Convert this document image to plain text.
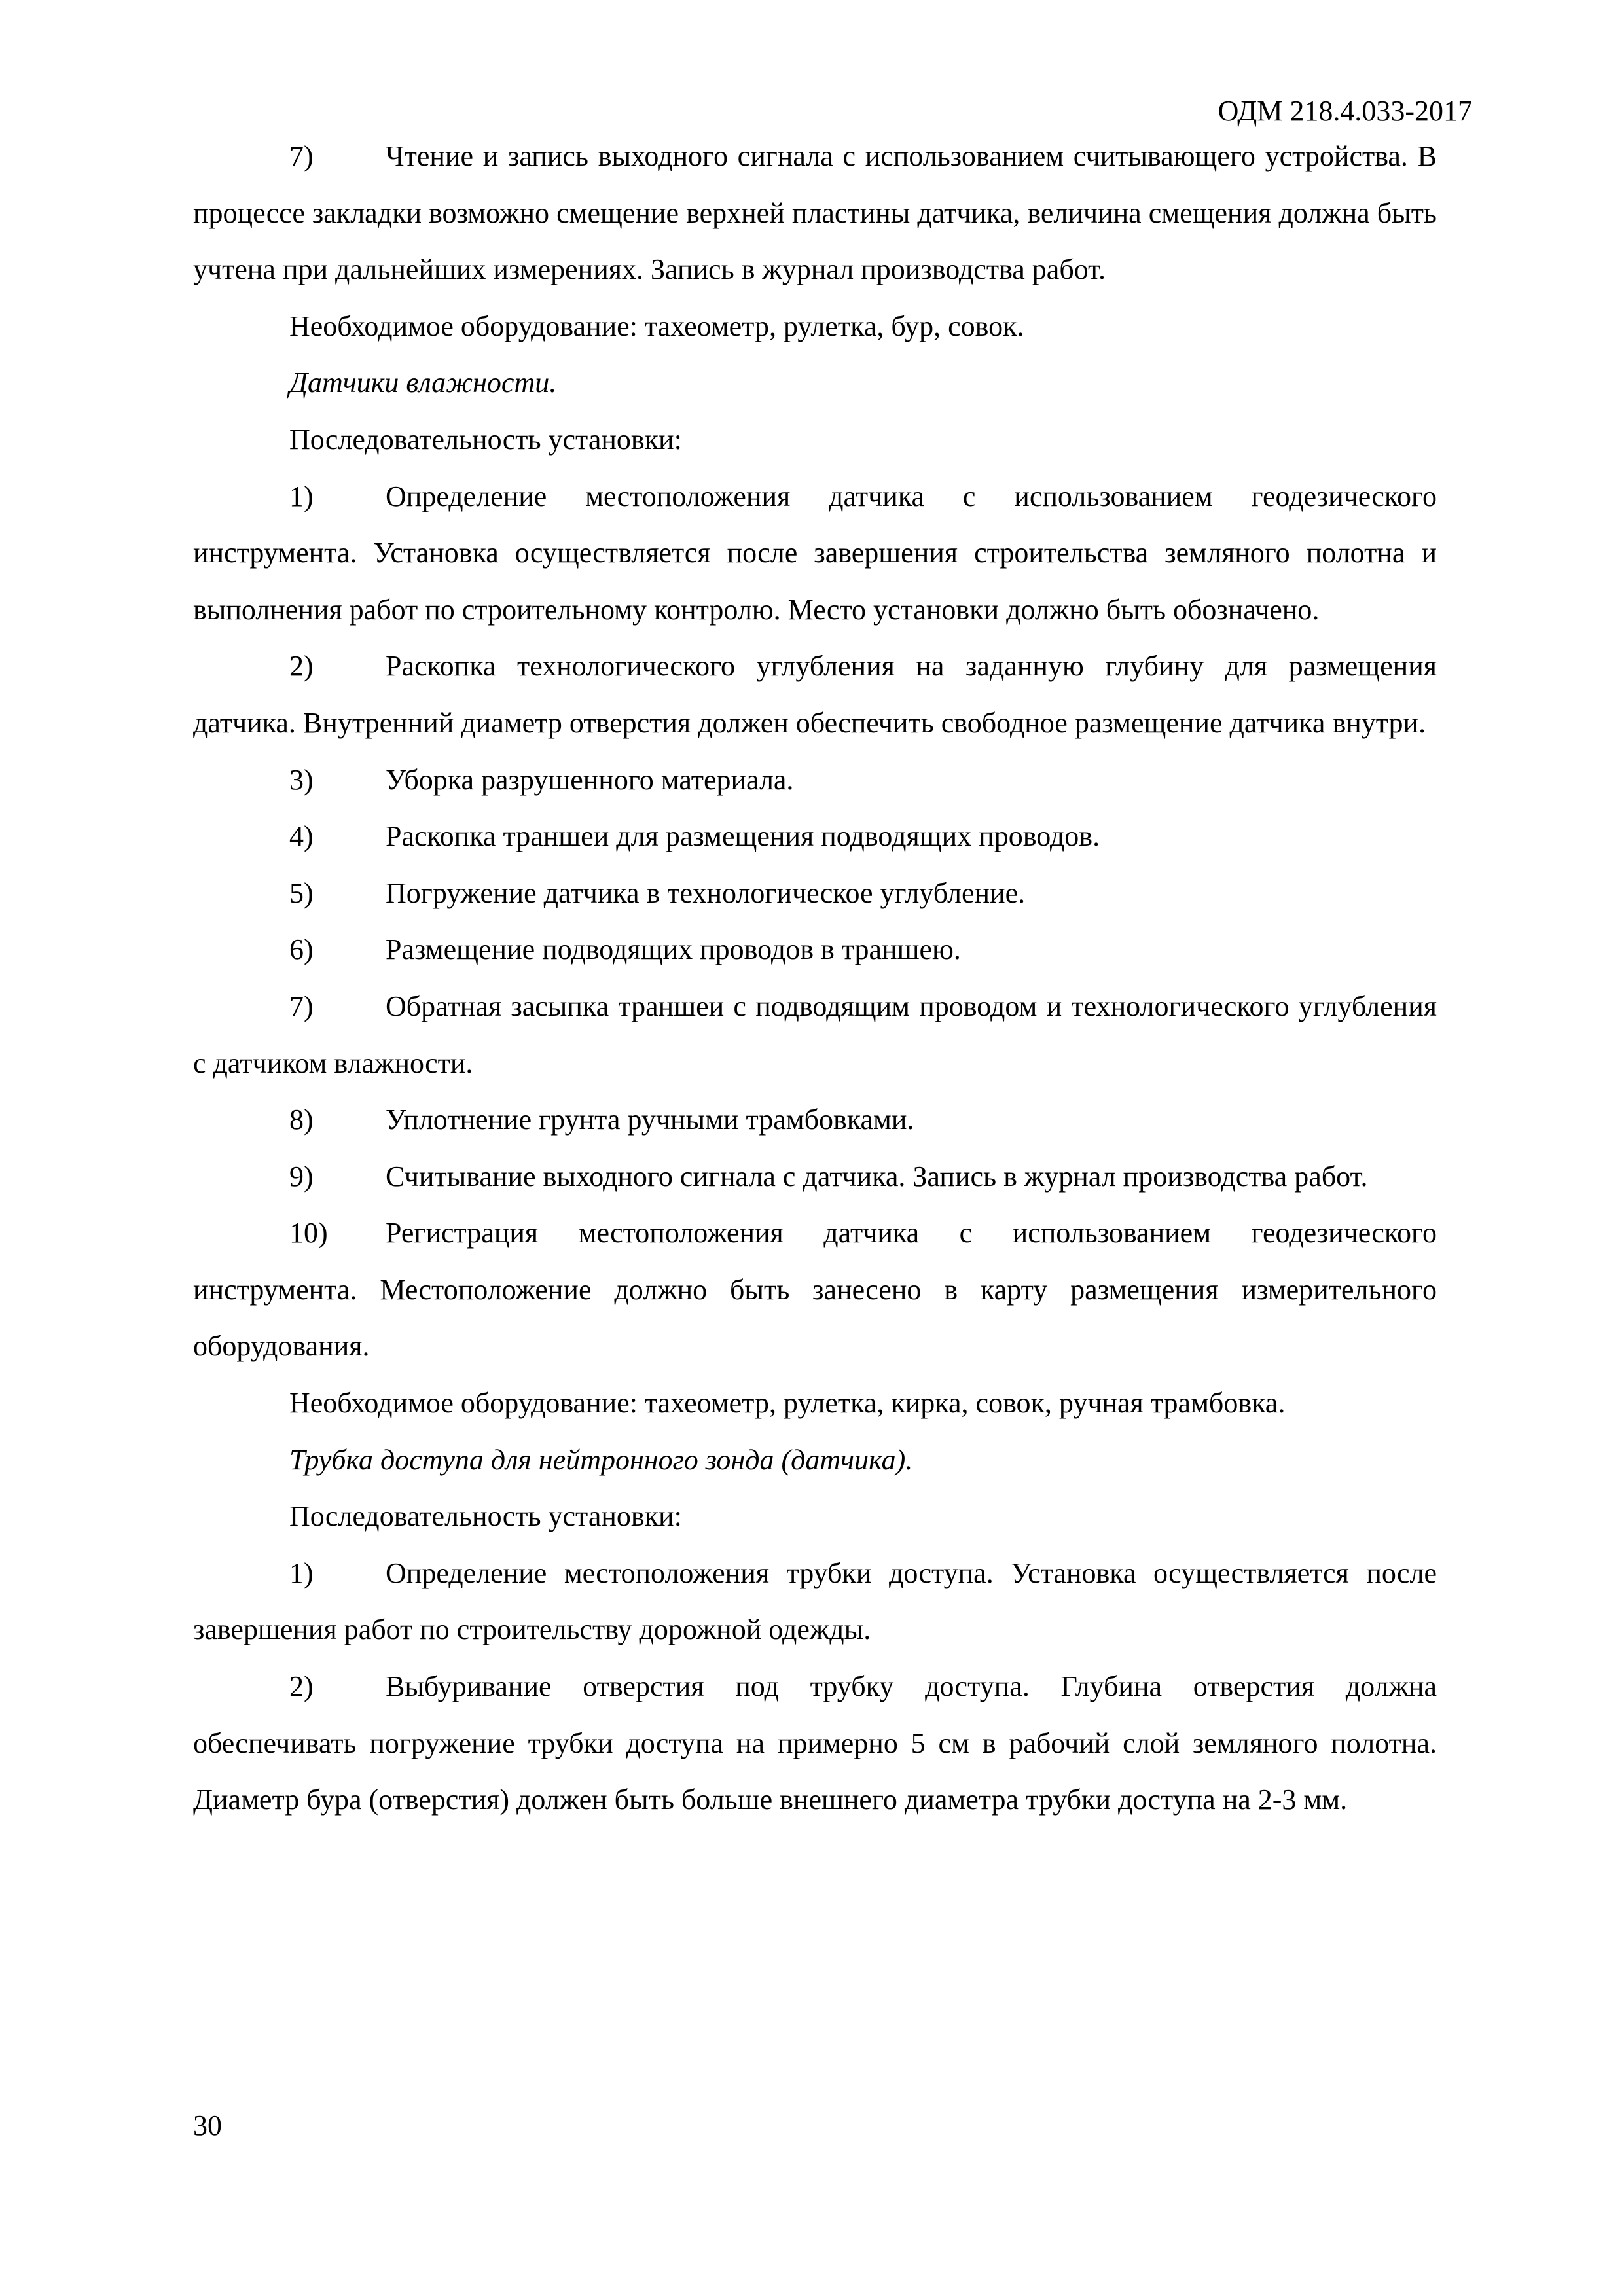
ОДМ 218.4.033-2017

7)	Чтение и запись выходного сигнала с использованием считывающего устройства. В процессе закладки возможно смещение верхней пластины датчика, величина смещения должна быть учтена при дальнейших измерениях. Запись в журнал производства работ.

Необходимое оборудование: тахеометр, рулетка, бур, совок.

Датчики влажности.

Последовательность установки:

1)	Определение местоположения датчика с использованием геодезического инструмента. Установка осуществляется после завершения строительства земляного полотна и выполнения работ по строительному контролю. Место установки должно быть обозначено.

2)	Раскопка технологического углубления на заданную глубину для размещения датчика. Внутренний диаметр отверстия должен обеспечить свободное размещение датчика внутри.

3)	Уборка разрушенного материала.

4)	Раскопка траншеи для размещения подводящих проводов.

5)	Погружение датчика в технологическое углубление.

6)	Размещение подводящих проводов в траншею.

7)	Обратная засыпка траншеи с подводящим проводом и технологического углубления с датчиком влажности.

8)	Уплотнение грунта ручными трамбовками.

9)	Считывание выходного сигнала с датчика. Запись в журнал производства работ.

10) Регистрация местоположения датчика с использованием геодезического инструмента. Местоположение должно быть занесено в карту размещения измерительного оборудования.

Необходимое оборудование: тахеометр, рулетка, кирка, совок, ручная трамбовка.

Трубка доступа для нейтронного зонда (датчика).

Последовательность установки:

1)	Определение местоположения трубки доступа. Установка осуществляется после завершения работ по строительству дорожной одежды.

2)	Выбуривание отверстия под трубку доступа. Глубина отверстия должна обеспечивать погружение трубки доступа на примерно 5 см в рабочий слой земляного полотна. Диаметр бура (отверстия) должен быть больше внешнего диаметра трубки доступа на 2-3 мм.

30
